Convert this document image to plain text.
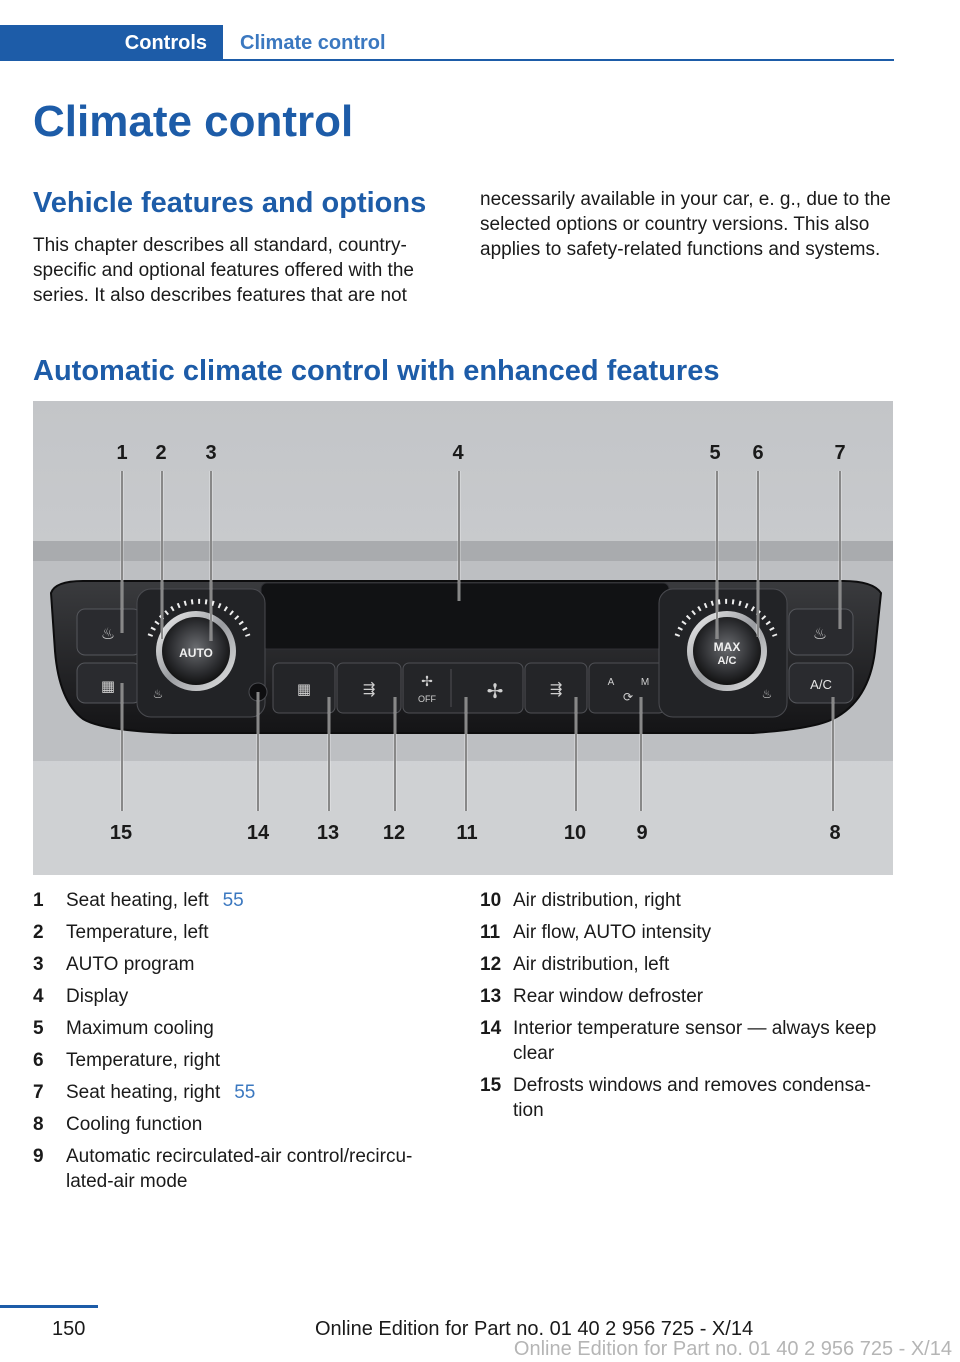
Controls	Climate control
Climate control
Vehicle features and options

This chapter describes all standard, country-specific and optional features offered with the series. It also describes features that are not

necessarily available in your car, e. g., due to the selected options or country versions. This also applies to safety-related functions and systems.

Automatic climate control with enhanced features
♨
▦
AUTO
♨	▦	⇶	✢
OFF	✢	⇶	A	M
⟳
MAX
A/C
♨
♨
A/C
1 2 3	4	5 6	7
8
9
10
11
12
13
14
15
1 Seat heating, left 55
2 Temperature, left
3 AUTO program
4 Display
5 Maximum cooling
6 Temperature, right
7 Seat heating, right 55
8 Cooling function
9 Automatic recirculated-air control/recircu-lated-air mode
10 Air distribution, right
11 Air flow, AUTO intensity
12 Air distribution, left
13 Rear window defroster
14 Interior temperature sensor — always keep clear
15 Defrosts windows and removes condensa-tion
150	Online Edition for Part no. 01 40 2 956 725 - X/14
Online Edition for Part no. 01 40 2 956 725 - X/14
